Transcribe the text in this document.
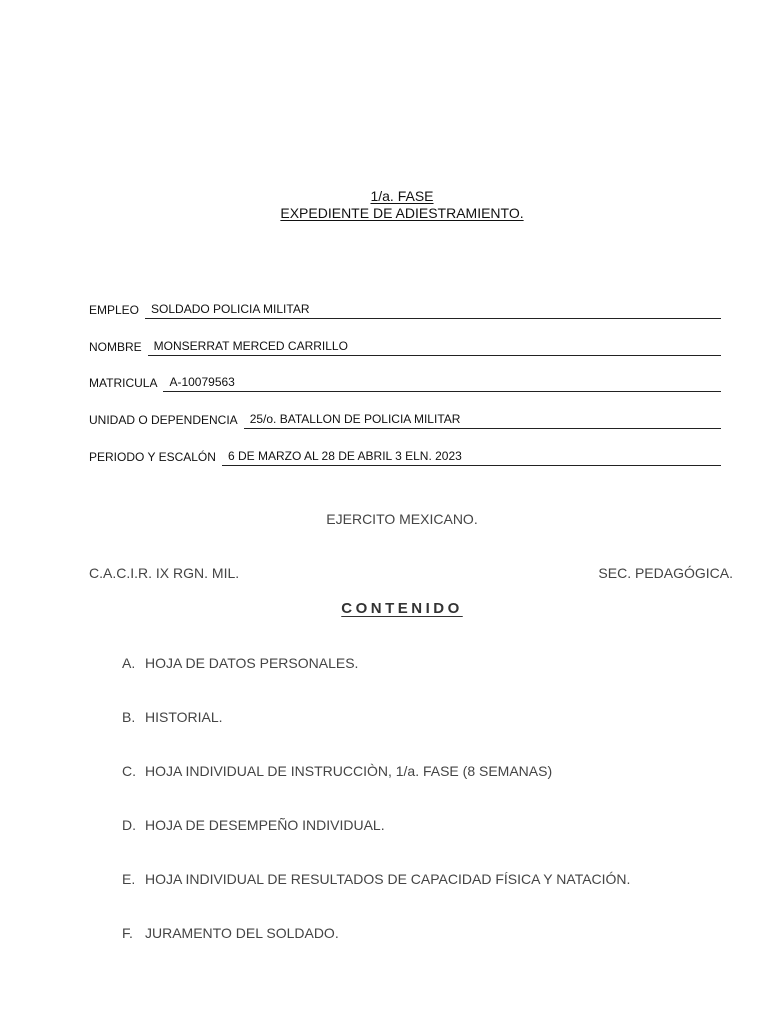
1/a. FASE
EXPEDIENTE DE ADIESTRAMIENTO.
EMPLEO	SOLDADO POLICIA MILITAR
NOMBRE	MONSERRAT MERCED CARRILLO
MATRICULA	A-10079563
UNIDAD O DEPENDENCIA	25/o. BATALLON DE POLICIA MILITAR
PERIODO Y ESCALÓN	6 DE MARZO AL 28 DE ABRIL 3 ELN. 2023
EJERCITO MEXICANO.
C.A.C.I.R. IX RGN. MIL.	SEC. PEDAGÓGICA.
CONTENIDO
A. HOJA DE DATOS PERSONALES.
B. HISTORIAL.
C. HOJA INDIVIDUAL DE INSTRUCCIÒN, 1/a. FASE (8 SEMANAS)
D. HOJA DE DESEMPEÑO INDIVIDUAL.
E. HOJA INDIVIDUAL DE RESULTADOS DE CAPACIDAD FÍSICA Y NATACIÓN.
F. JURAMENTO DEL SOLDADO.
